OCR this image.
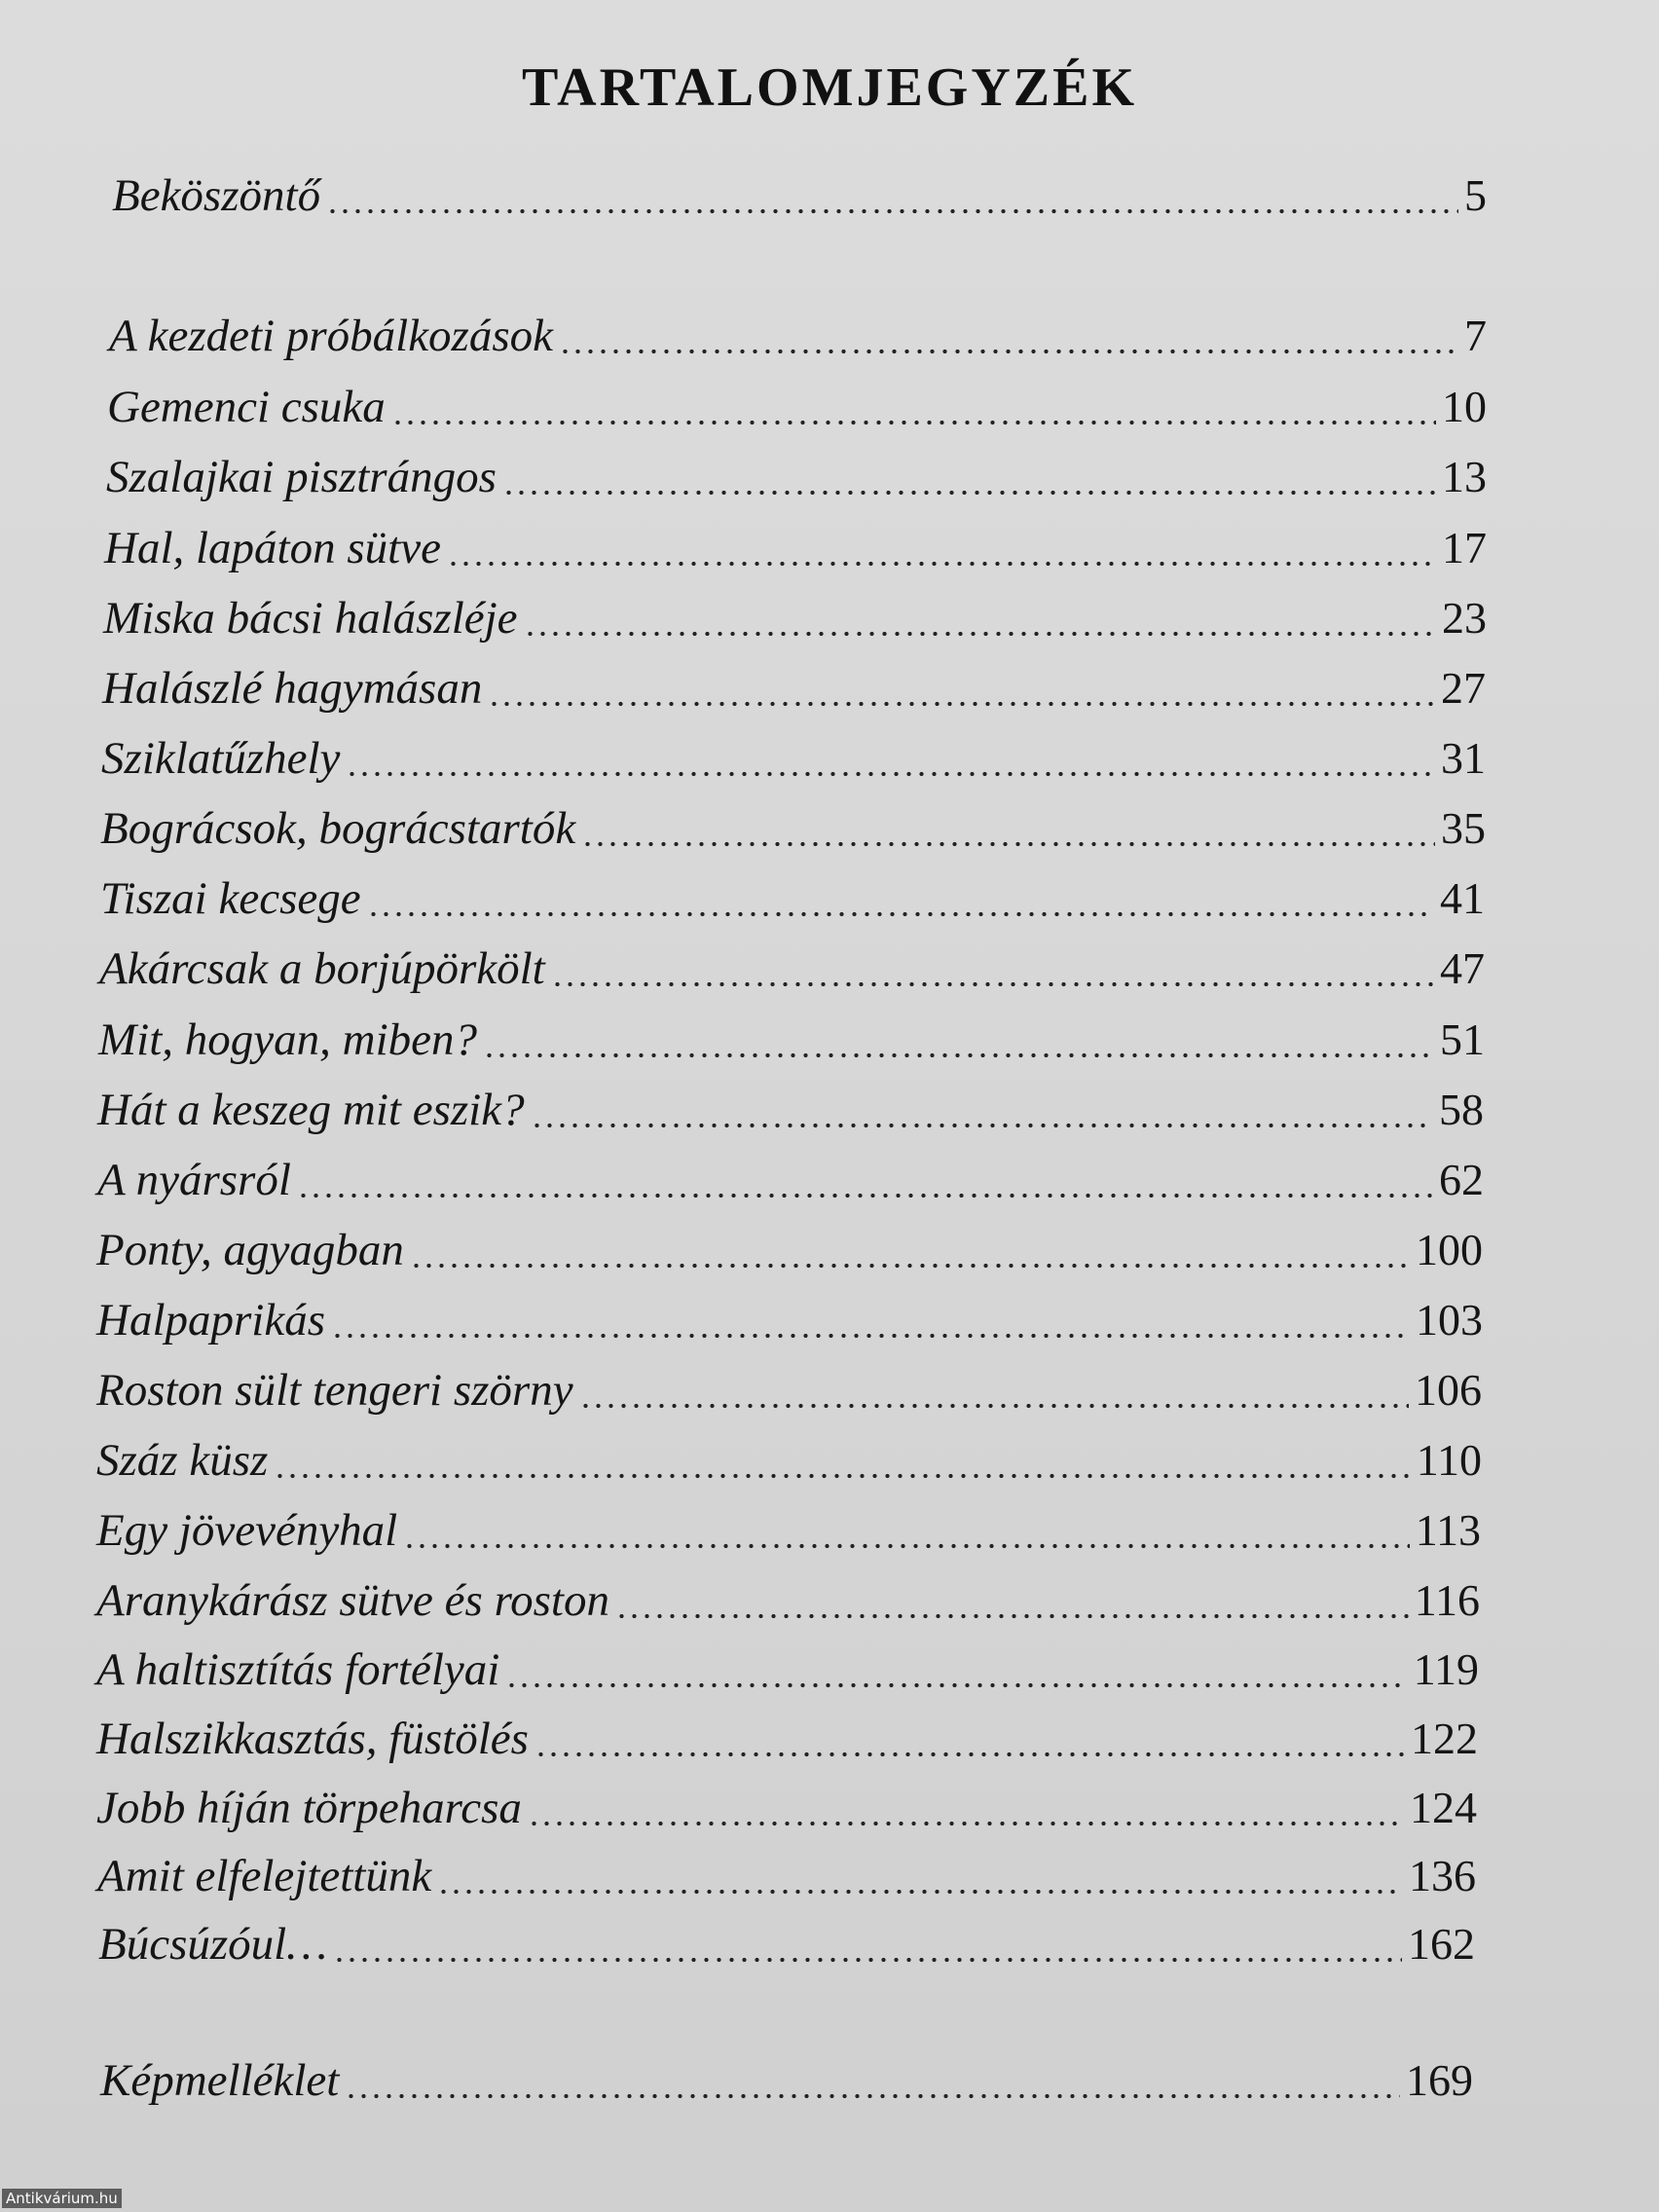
TARTALOMJEGYZÉK
Beköszöntő	5
A kezdeti próbálkozások	7
Gemenci csuka	10
Szalajkai pisztrángos	13
Hal, lapáton sütve	17
Miska bácsi halászléje	23
Halászlé hagymásan	27
Sziklatűzhely	31
Bográcsok, bográcstartók	35
Tiszai kecsege	41
Akárcsak a borjúpörkölt	47
Mit, hogyan, miben?	51
Hát a keszeg mit eszik?	58
A nyársról	62
Ponty, agyagban	100
Halpaprikás	103
Roston sült tengeri szörny	106
Száz küsz	110
Egy jövevényhal	113
Aranykárász sütve és roston	116
A haltisztítás fortélyai	119
Halszikkasztás, füstölés	122
Jobb híján törpeharcsa	124
Amit elfelejtettünk	136
Búcsúzóul…	162
Képmelléklet	169
Antikvárium.hu
